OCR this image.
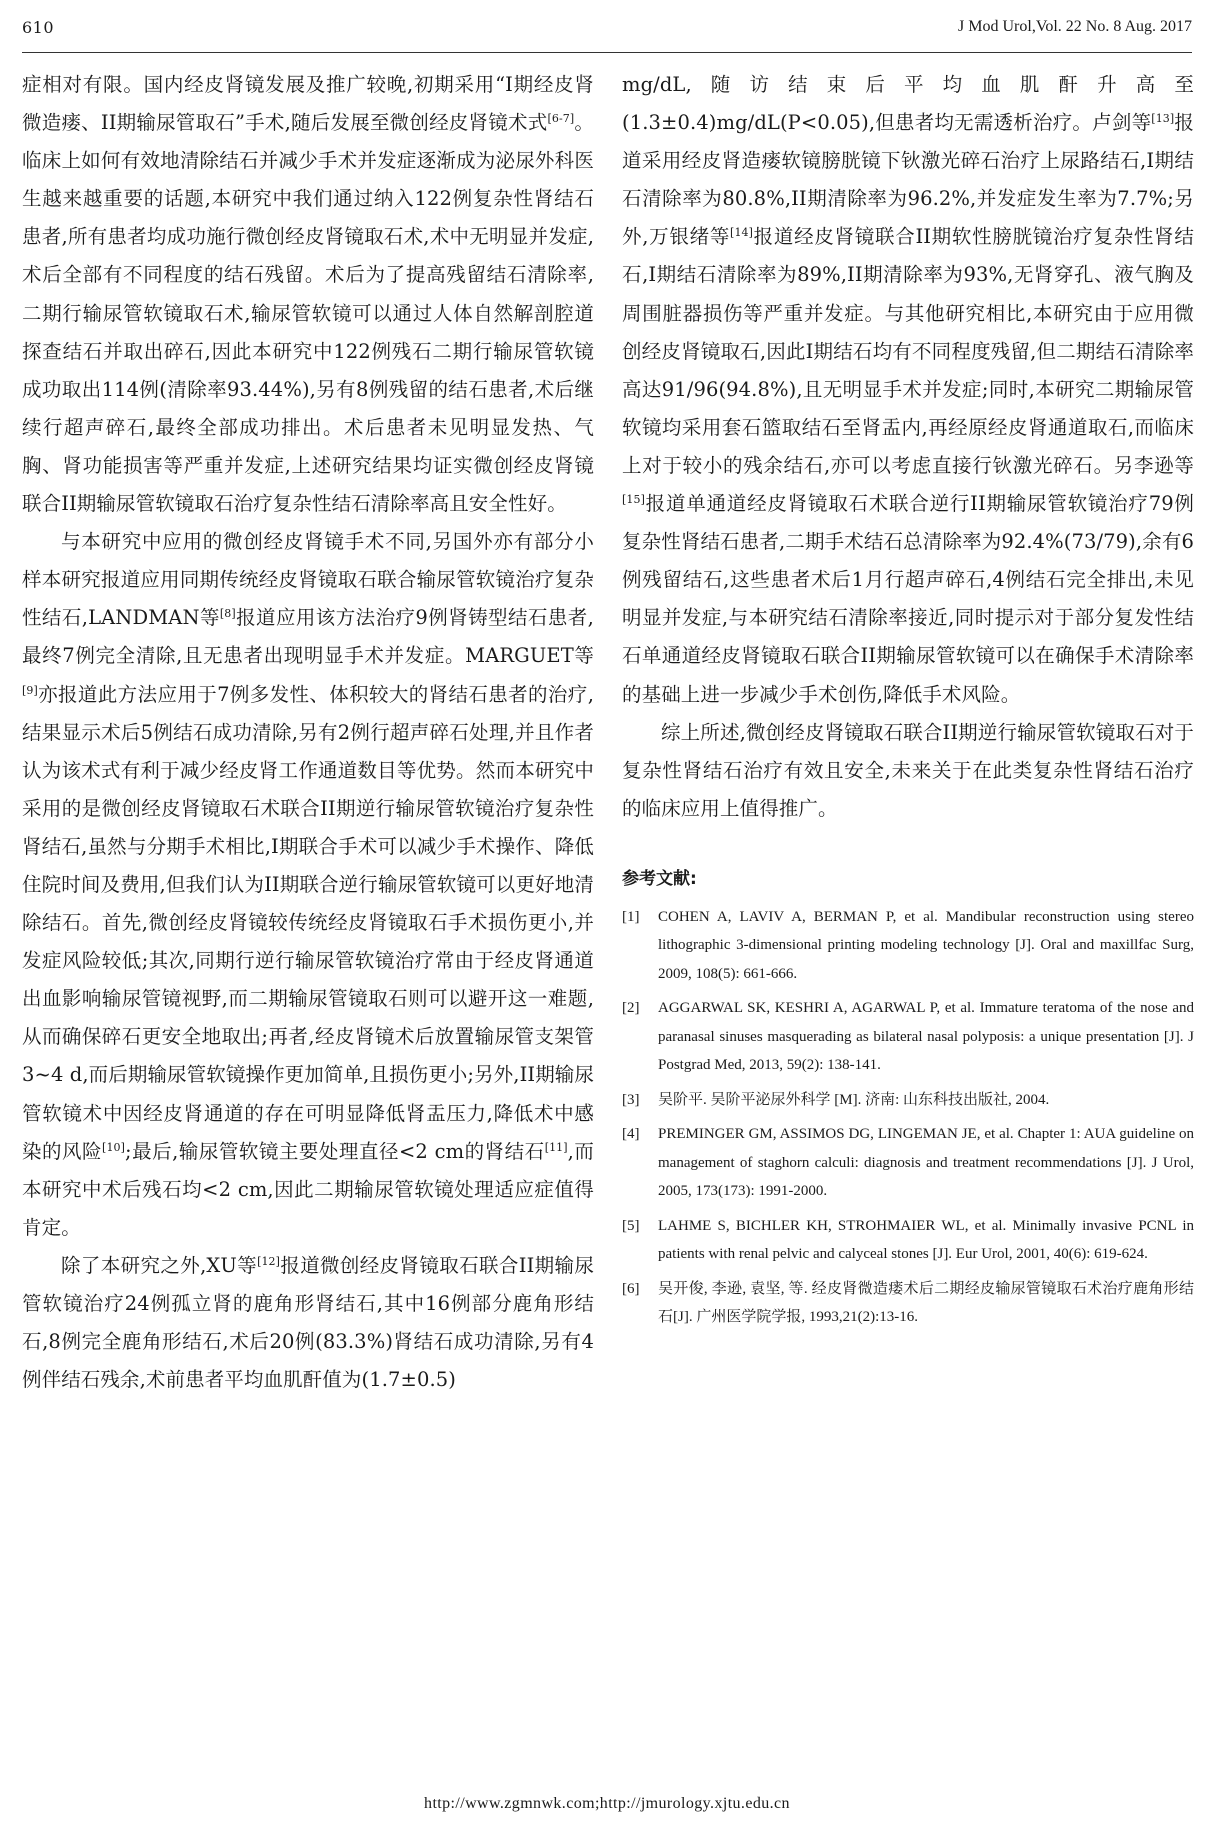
610	J Mod Urol,Vol. 22 No. 8 Aug. 2017

症相对有限。国内经皮肾镜发展及推广较晚,初期采用“I期经皮肾微造瘘、II期输尿管取石”手术,随后发展至微创经皮肾镜术式[6-7]。临床上如何有效地清除结石并减少手术并发症逐渐成为泌尿外科医生越来越重要的话题,本研究中我们通过纳入122例复杂性肾结石患者,所有患者均成功施行微创经皮肾镜取石术,术中无明显并发症,术后全部有不同程度的结石残留。术后为了提高残留结石清除率,二期行输尿管软镜取石术,输尿管软镜可以通过人体自然解剖腔道探查结石并取出碎石,因此本研究中122例残石二期行输尿管软镜成功取出114例(清除率93.44%),另有8例残留的结石患者,术后继续行超声碎石,最终全部成功排出。术后患者未见明显发热、气胸、肾功能损害等严重并发症,上述研究结果均证实微创经皮肾镜联合II期输尿管软镜取石治疗复杂性结石清除率高且安全性好。

与本研究中应用的微创经皮肾镜手术不同,另国外亦有部分小样本研究报道应用同期传统经皮肾镜取石联合输尿管软镜治疗复杂性结石,LANDMAN等[8]报道应用该方法治疗9例肾铸型结石患者,最终7例完全清除,且无患者出现明显手术并发症。MARGUET等[9]亦报道此方法应用于7例多发性、体积较大的肾结石患者的治疗,结果显示术后5例结石成功清除,另有2例行超声碎石处理,并且作者认为该术式有利于减少经皮肾工作通道数目等优势。然而本研究中采用的是微创经皮肾镜取石术联合II期逆行输尿管软镜治疗复杂性肾结石,虽然与分期手术相比,I期联合手术可以减少手术操作、降低住院时间及费用,但我们认为II期联合逆行输尿管软镜可以更好地清除结石。首先,微创经皮肾镜较传统经皮肾镜取石手术损伤更小,并发症风险较低;其次,同期行逆行输尿管软镜治疗常由于经皮肾通道出血影响输尿管镜视野,而二期输尿管镜取石则可以避开这一难题,从而确保碎石更安全地取出;再者,经皮肾镜术后放置输尿管支架管3~4 d,而后期输尿管软镜操作更加简单,且损伤更小;另外,II期输尿管软镜术中因经皮肾通道的存在可明显降低肾盂压力,降低术中感染的风险[10];最后,输尿管软镜主要处理直径<2 cm的肾结石[11],而本研究中术后残石均<2 cm,因此二期输尿管软镜处理适应症值得肯定。

除了本研究之外,XU等[12]报道微创经皮肾镜取石联合II期输尿管软镜治疗24例孤立肾的鹿角形肾结石,其中16例部分鹿角形结石,8例完全鹿角形结石,术后20例(83.3%)肾结石成功清除,另有4例伴结石残余,术前患者平均血肌酐值为(1.7±0.5)

mg/dL,随访结束后平均血肌酐升高至(1.3±0.4)mg/dL(P<0.05),但患者均无需透析治疗。卢剑等[13]报道采用经皮肾造瘘软镜膀胱镜下钬激光碎石治疗上尿路结石,I期结石清除率为80.8%,II期清除率为96.2%,并发症发生率为7.7%;另外,万银绪等[14]报道经皮肾镜联合II期软性膀胱镜治疗复杂性肾结石,I期结石清除率为89%,II期清除率为93%,无肾穿孔、液气胸及周围脏器损伤等严重并发症。与其他研究相比,本研究由于应用微创经皮肾镜取石,因此I期结石均有不同程度残留,但二期结石清除率高达91/96(94.8%),且无明显手术并发症;同时,本研究二期输尿管软镜均采用套石篮取结石至肾盂内,再经原经皮肾通道取石,而临床上对于较小的残余结石,亦可以考虑直接行钬激光碎石。另李逊等[15]报道单通道经皮肾镜取石术联合逆行II期输尿管软镜治疗79例复杂性肾结石患者,二期手术结石总清除率为92.4%(73/79),余有6例残留结石,这些患者术后1月行超声碎石,4例结石完全排出,未见明显并发症,与本研究结石清除率接近,同时提示对于部分复发性结石单通道经皮肾镜取石联合II期输尿管软镜可以在确保手术清除率的基础上进一步减少手术创伤,降低手术风险。

综上所述,微创经皮肾镜取石联合II期逆行输尿管软镜取石对于复杂性肾结石治疗有效且安全,未来关于在此类复杂性肾结石治疗的临床应用上值得推广。

参考文献:
[1]	COHEN A, LAVIV A, BERMAN P, et al. Mandibular reconstruction using stereo lithographic 3-dimensional printing modeling technology [J]. Oral and maxillfac Surg, 2009, 108(5): 661-666.
[2]	AGGARWAL SK, KESHRI A, AGARWAL P, et al. Immature teratoma of the nose and paranasal sinuses masquerading as bilateral nasal polyposis: a unique presentation [J]. J Postgrad Med, 2013, 59(2): 138-141.
[3]	吴阶平. 吴阶平泌尿外科学 [M]. 济南: 山东科技出版社, 2004.
[4]	PREMINGER GM, ASSIMOS DG, LINGEMAN JE, et al. Chapter 1: AUA guideline on management of staghorn calculi: diagnosis and treatment recommendations [J]. J Urol, 2005, 173(173): 1991-2000.
[5]	LAHME S, BICHLER KH, STROHMAIER WL, et al. Minimally invasive PCNL in patients with renal pelvic and calyceal stones [J]. Eur Urol, 2001, 40(6): 619-624.
[6]	吴开俊, 李逊, 袁坚, 等. 经皮肾微造瘘术后二期经皮输尿管镜取石术治疗鹿角形结石[J]. 广州医学院学报, 1993,21(2):13-16.
http://www.zgmnwk.com;http://jmurology.xjtu.edu.cn
